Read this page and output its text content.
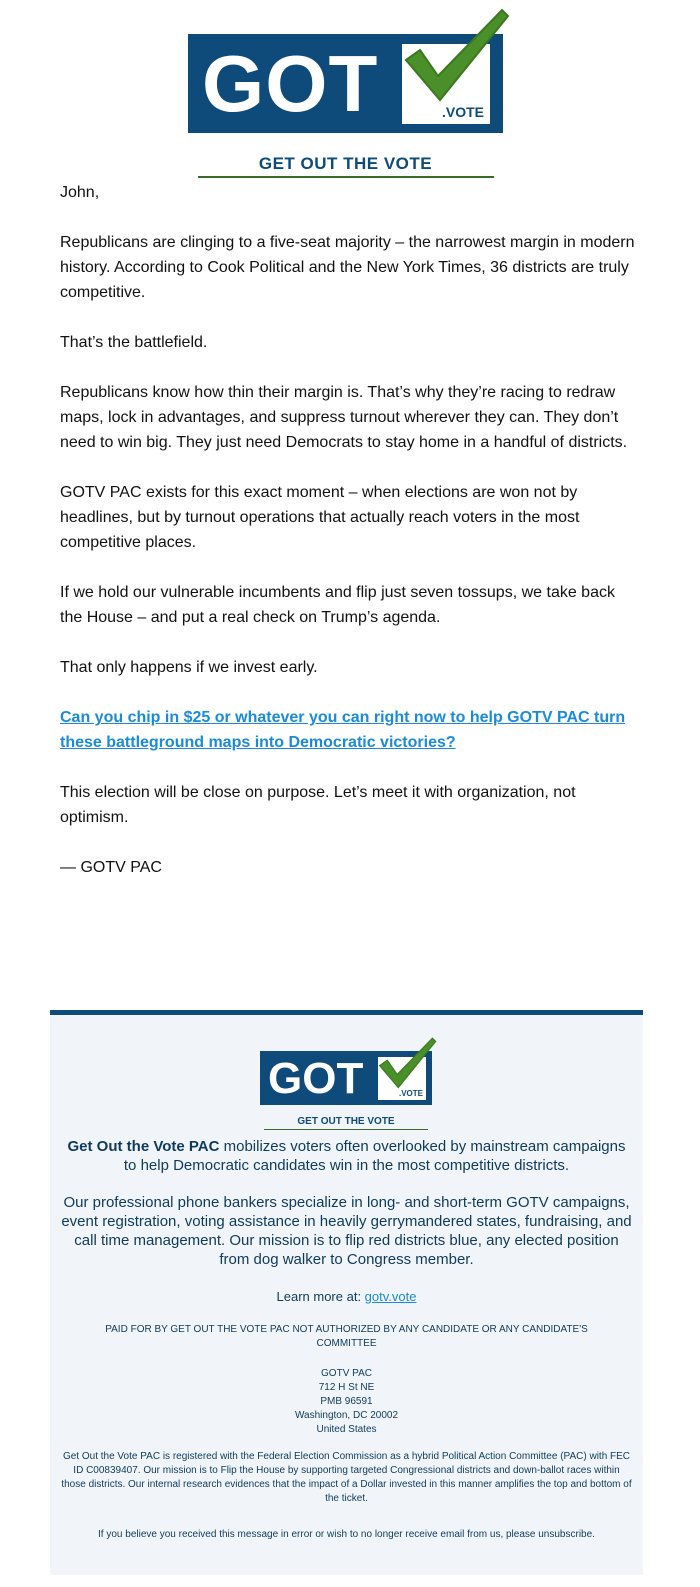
GOT	.VOTE
GET OUT THE VOTE

John,

Republicans are clinging to a five-seat majority – the narrowest margin in modern history. According to Cook Political and the New York Times, 36 districts are truly competitive.

That’s the battlefield.

Republicans know how thin their margin is. That’s why they’re racing to redraw maps, lock in advantages, and suppress turnout wherever they can. They don’t need to win big. They just need Democrats to stay home in a handful of districts.

GOTV PAC exists for this exact moment – when elections are won not by headlines, but by turnout operations that actually reach voters in the most competitive places.

If we hold our vulnerable incumbents and flip just seven tossups, we take back the House – and put a real check on Trump’s agenda.

That only happens if we invest early.

Can you chip in $25 or whatever you can right now to help GOTV PAC turn these battleground maps into Democratic victories?

This election will be close on purpose. Let’s meet it with organization, not optimism.

— GOTV PAC

GOT	.VOTE
GET OUT THE VOTE
Get Out the Vote PAC mobilizes voters often overlooked by mainstream campaigns to help Democratic candidates win in the most competitive districts.
Our professional phone bankers specialize in long- and short-term GOTV campaigns, event registration, voting assistance in heavily gerrymandered states, fundraising, and call time management. Our mission is to flip red districts blue, any elected position from dog walker to Congress member.
Learn more at: gotv.vote
PAID FOR BY GET OUT THE VOTE PAC NOT AUTHORIZED BY ANY CANDIDATE OR ANY CANDIDATE'S COMMITTEE
GOTV PAC
712 H St NE
PMB 96591
Washington, DC 20002
United States
Get Out the Vote PAC is registered with the Federal Election Commission as a hybrid Political Action Committee (PAC) with FEC ID C00839407. Our mission is to Flip the House by supporting targeted Congressional districts and down-ballot races within those districts. Our internal research evidences that the impact of a Dollar invested in this manner amplifies the top and bottom of the ticket.
If you believe you received this message in error or wish to no longer receive email from us, please unsubscribe.
